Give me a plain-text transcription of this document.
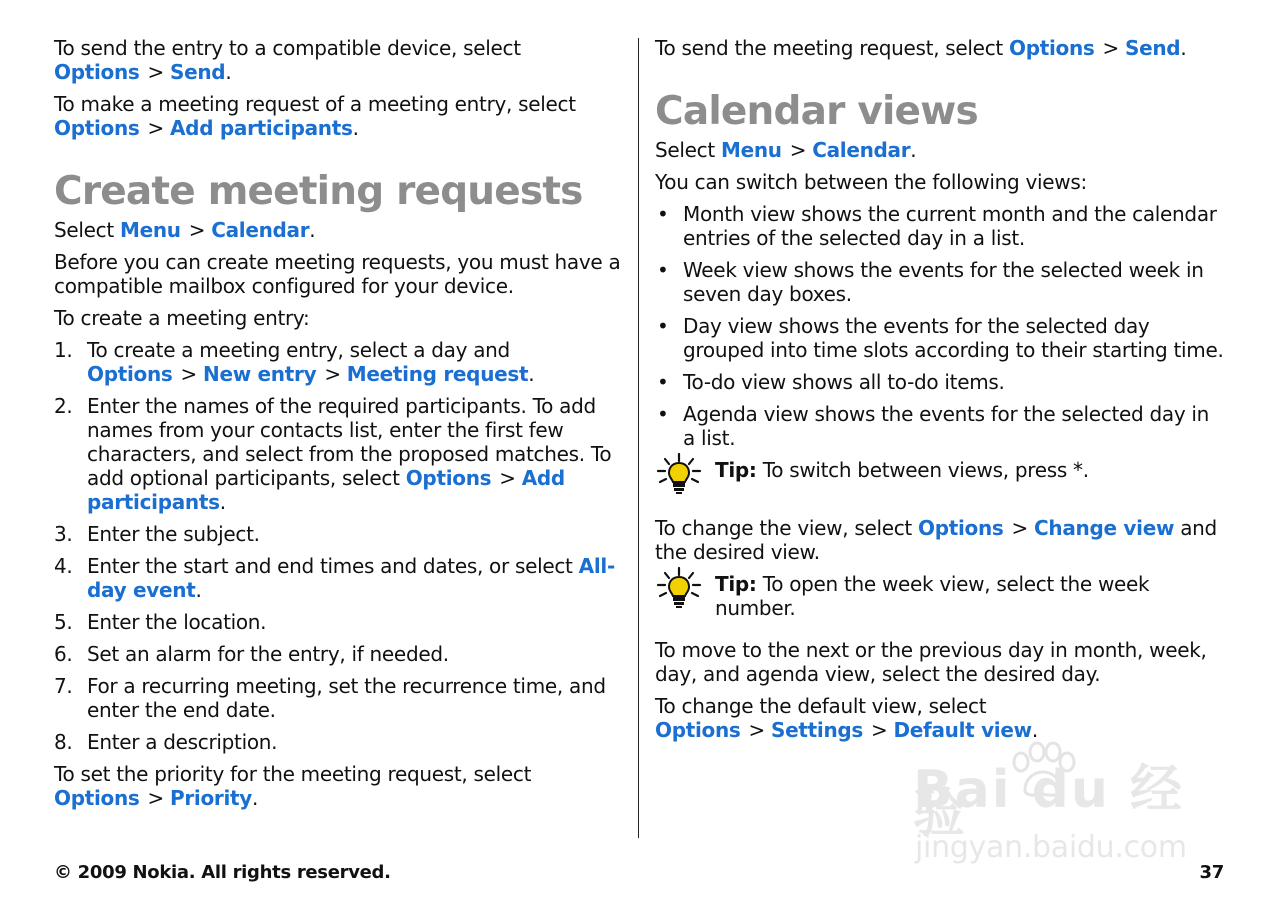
To send the entry to a compatible device, select Options > Send.

To make a meeting request of a meeting entry, select Options > Add participants.

Create meeting requests

Select Menu > Calendar.

Before you can create meeting requests, you must have a compatible mailbox configured for your device.

To create a meeting entry:

1. To create a meeting entry, select a day and Options > New entry > Meeting request.
2. Enter the names of the required participants. To add names from your contacts list, enter the first few characters, and select from the proposed matches. To add optional participants, select Options > Add participants.
3. Enter the subject.
4. Enter the start and end times and dates, or select All-day event.
5. Enter the location.
6. Set an alarm for the entry, if needed.
7. For a recurring meeting, set the recurrence time, and enter the end date.
8. Enter a description.

To set the priority for the meeting request, select Options > Priority.

To send the meeting request, select Options > Send.

Calendar views

Select Menu > Calendar.

You can switch between the following views:

• Month view shows the current month and the calendar entries of the selected day in a list.
• Week view shows the events for the selected week in seven day boxes.
• Day view shows the events for the selected day grouped into time slots according to their starting time.
• To-do view shows all to-do items.
• Agenda view shows the events for the selected day in a list.
Tip: To switch between views, press *.

To change the view, select Options > Change view and the desired view.

Tip: To open the week view, select the week number.

To move to the next or the previous day in month, week, day, and agenda view, select the desired day.

To change the default view, select Options > Settings > Default view.

Bai du 经验
jingyan.baidu.com
© 2009 Nokia. All rights reserved.	37
